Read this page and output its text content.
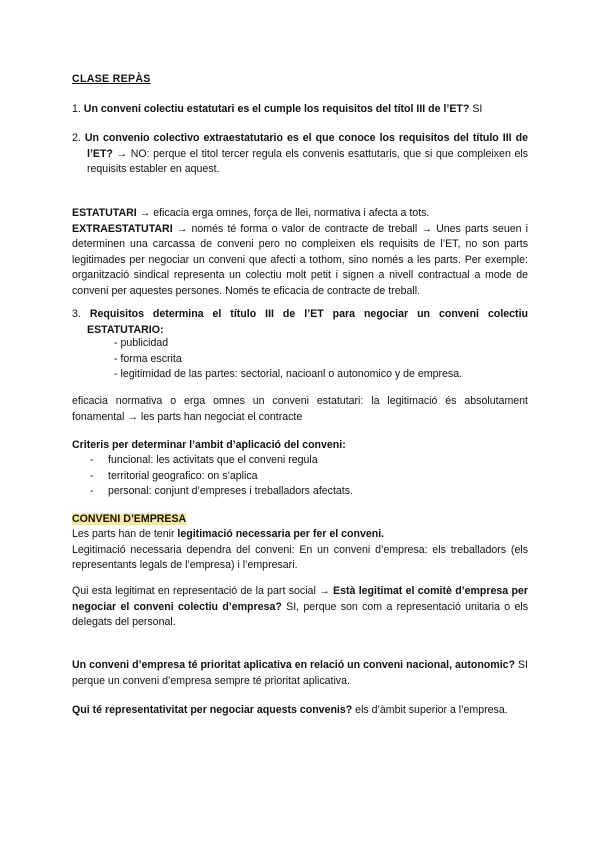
CLASE REPÀS

1. Un conveni colectiu estatutari es el cumple los requisitos del títol III de l’ET? SI

2. Un convenio colectivo extraestatutario es el que conoce los requisitos del título III de l’ET? → NO: perque el titol tercer regula els convenis esattutaris, que si que compleixen els requisits establer en aquest.

ESTATUTARI → eficacia erga omnes, força de llei, normativa i afecta a tots.
EXTRAESTATUTARI → només té forma o valor de contracte de treball → Unes parts seuen i determinen una carcassa de conveni pero no compleixen els requisits de l’ET, no son parts legitimades per negociar un conveni que afecti a tothom, sino només a les parts. Per exemple: organització sindical representa un colectiu molt petit i signen a nivell contractual a mode de conveni per aquestes persones. Només te eficacia de contracte de treball.

3. Requisitos determina el título III de l’ET para negociar un conveni colectiu ESTATUTARIO:

- publicidad
- forma escrita
- legitimidad de las partes: sectorial, nacioanl o autonomico y de empresa.

eficacia normativa o erga omnes un conveni estatutari: la legitimació és absolutament fonamental → les parts han negociat el contracte

Criteris per determinar l’ambit d’aplicació del conveni:

- funcional: les activitats que el conveni regula
- territorial geografico: on s’aplica
- personal: conjunt d’empreses i treballadors afectats.

CONVENI D’EMPRESA

Les parts han de tenir legitimació necessaria per fer el conveni.
Legitimació necessaria dependra del conveni: En un conveni d’empresa: els treballadors (els representants legals de l’empresa) i l’empresari.

Qui esta legitimat en representació de la part social → Està legitimat el comitè d’empresa per negociar el conveni colectiu d’empresa? SI, perque son com a representació unitaria o els delegats del personal.

Un conveni d’empresa té prioritat aplicativa en relació un conveni nacional, autonomic? SI perque un conveni d’empresa sempre té prioritat aplicativa.

Qui té representativitat per negociar aquests convenis? els d’àmbit superior a l’empresa.
